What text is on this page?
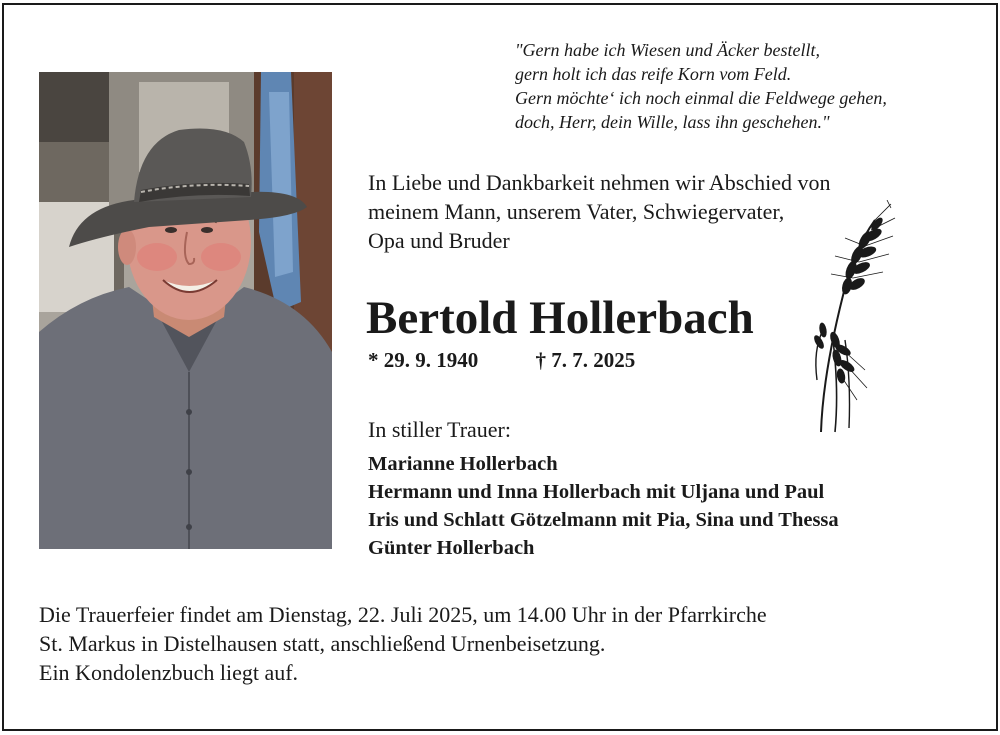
"Gern habe ich Wiesen und Äcker bestellt,
gern holt ich das reife Korn vom Feld.
Gern möchte‘ ich noch einmal die Feldwege gehen,
doch, Herr, dein Wille, lass ihn geschehen."
In Liebe und Dankbarkeit nehmen wir Abschied von
meinem Mann, unserem Vater, Schwiegervater,
Opa und Bruder
Bertold Hollerbach
* 29. 9. 1940	† 7. 7. 2025
In stiller Trauer:
Marianne Hollerbach
Hermann und Inna Hollerbach mit Uljana und Paul
Iris und Schlatt Götzelmann mit Pia, Sina und Thessa
Günter Hollerbach
Die Trauerfeier findet am Dienstag, 22. Juli 2025, um 14.00 Uhr in der Pfarrkirche
St. Markus in Distelhausen statt, anschließend Urnenbeisetzung.
Ein Kondolenzbuch liegt auf.
